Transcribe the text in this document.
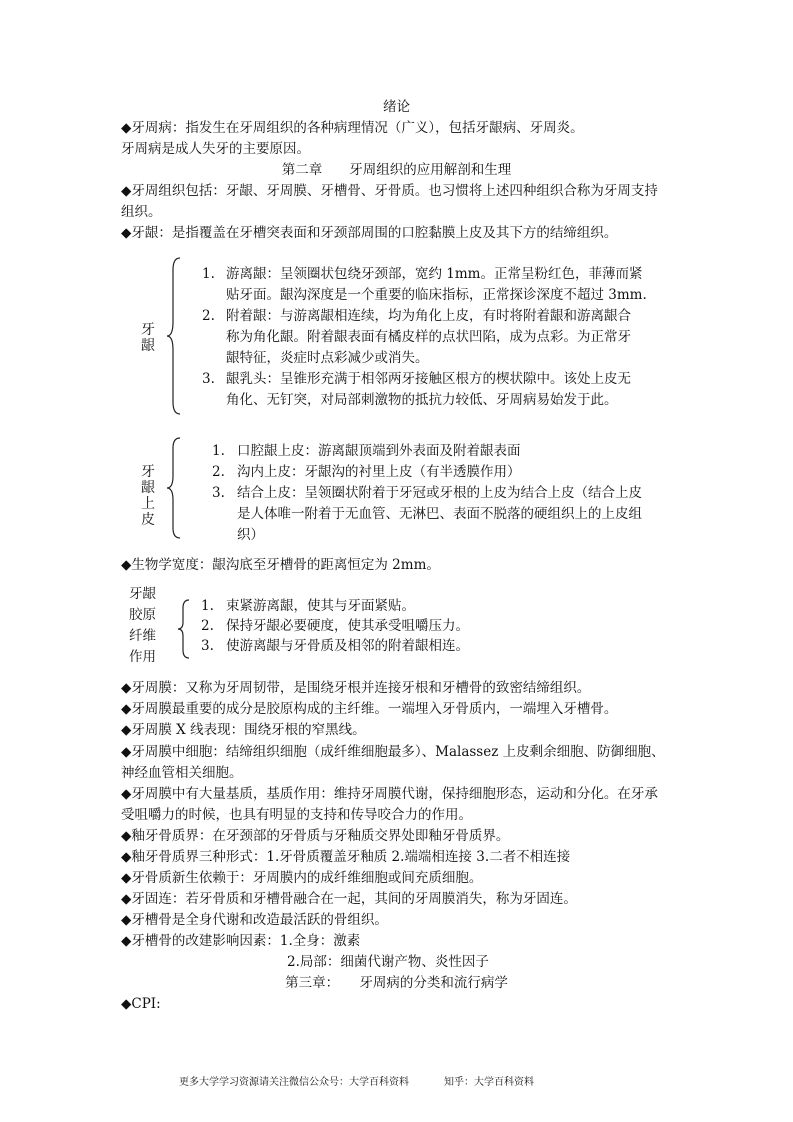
绪论
◆牙周病：指发生在牙周组织的各种病理情况（广义），包括牙龈病、牙周炎。
牙周病是成人失牙的主要原因。
第二章　　牙周组织的应用解剖和生理
◆牙周组织包括：牙龈、牙周膜、牙槽骨、牙骨质。也习惯将上述四种组织合称为牙周支持
组织。
◆牙龈：是指覆盖在牙槽突表面和牙颈部周围的口腔黏膜上皮及其下方的结缔组织。
牙
龈
1. 游离龈：呈领圈状包绕牙颈部，宽约 1mm。正常呈粉红色，菲薄而紧
贴牙面。龈沟深度是一个重要的临床指标，正常探诊深度不超过 3mm.
2. 附着龈：与游离龈相连续，均为角化上皮，有时将附着龈和游离龈合
称为角化龈。附着龈表面有橘皮样的点状凹陷，成为点彩。为正常牙
龈特征，炎症时点彩减少或消失。
3. 龈乳头：呈锥形充满于相邻两牙接触区根方的楔状隙中。该处上皮无
角化、无钉突，对局部刺激物的抵抗力较低、牙周病易始发于此。
牙
龈
上
皮
1. 口腔龈上皮：游离龈顶端到外表面及附着龈表面
2. 沟内上皮：牙龈沟的衬里上皮（有半透膜作用）
3. 结合上皮：呈领圈状附着于牙冠或牙根的上皮为结合上皮（结合上皮
是人体唯一附着于无血管、无淋巴、表面不脱落的硬组织上的上皮组
织）
◆生物学宽度：龈沟底至牙槽骨的距离恒定为 2mm。
牙龈
胶原
纤维
作用
1. 束紧游离龈，使其与牙面紧贴。
2. 保持牙龈必要硬度，使其承受咀嚼压力。
3. 使游离龈与牙骨质及相邻的附着龈相连。
◆牙周膜：又称为牙周韧带，是围绕牙根并连接牙根和牙槽骨的致密结缔组织。
◆牙周膜最重要的成分是胶原构成的主纤维。一端埋入牙骨质内，一端埋入牙槽骨。
◆牙周膜 X 线表现：围绕牙根的窄黑线。
◆牙周膜中细胞：结缔组织细胞（成纤维细胞最多）、Malassez 上皮剩余细胞、防御细胞、
神经血管相关细胞。
◆牙周膜中有大量基质，基质作用：维持牙周膜代谢，保持细胞形态，运动和分化。在牙承
受咀嚼力的时候，也具有明显的支持和传导咬合力的作用。
◆釉牙骨质界：在牙颈部的牙骨质与牙釉质交界处即釉牙骨质界。
◆釉牙骨质界三种形式：1.牙骨质覆盖牙釉质 2.端端相连接 3.二者不相连接
◆牙骨质新生依赖于：牙周膜内的成纤维细胞或间充质细胞。
◆牙固连：若牙骨质和牙槽骨融合在一起，其间的牙周膜消失，称为牙固连。
◆牙槽骨是全身代谢和改造最活跃的骨组织。
◆牙槽骨的改建影响因素：1.全身：激素
2.局部：细菌代谢产物、炎性因子
第三章：　　牙周病的分类和流行病学
◆CPI:
更多大学学习资源请关注微信公众号：大学百科资料	知乎：大学百科资料
